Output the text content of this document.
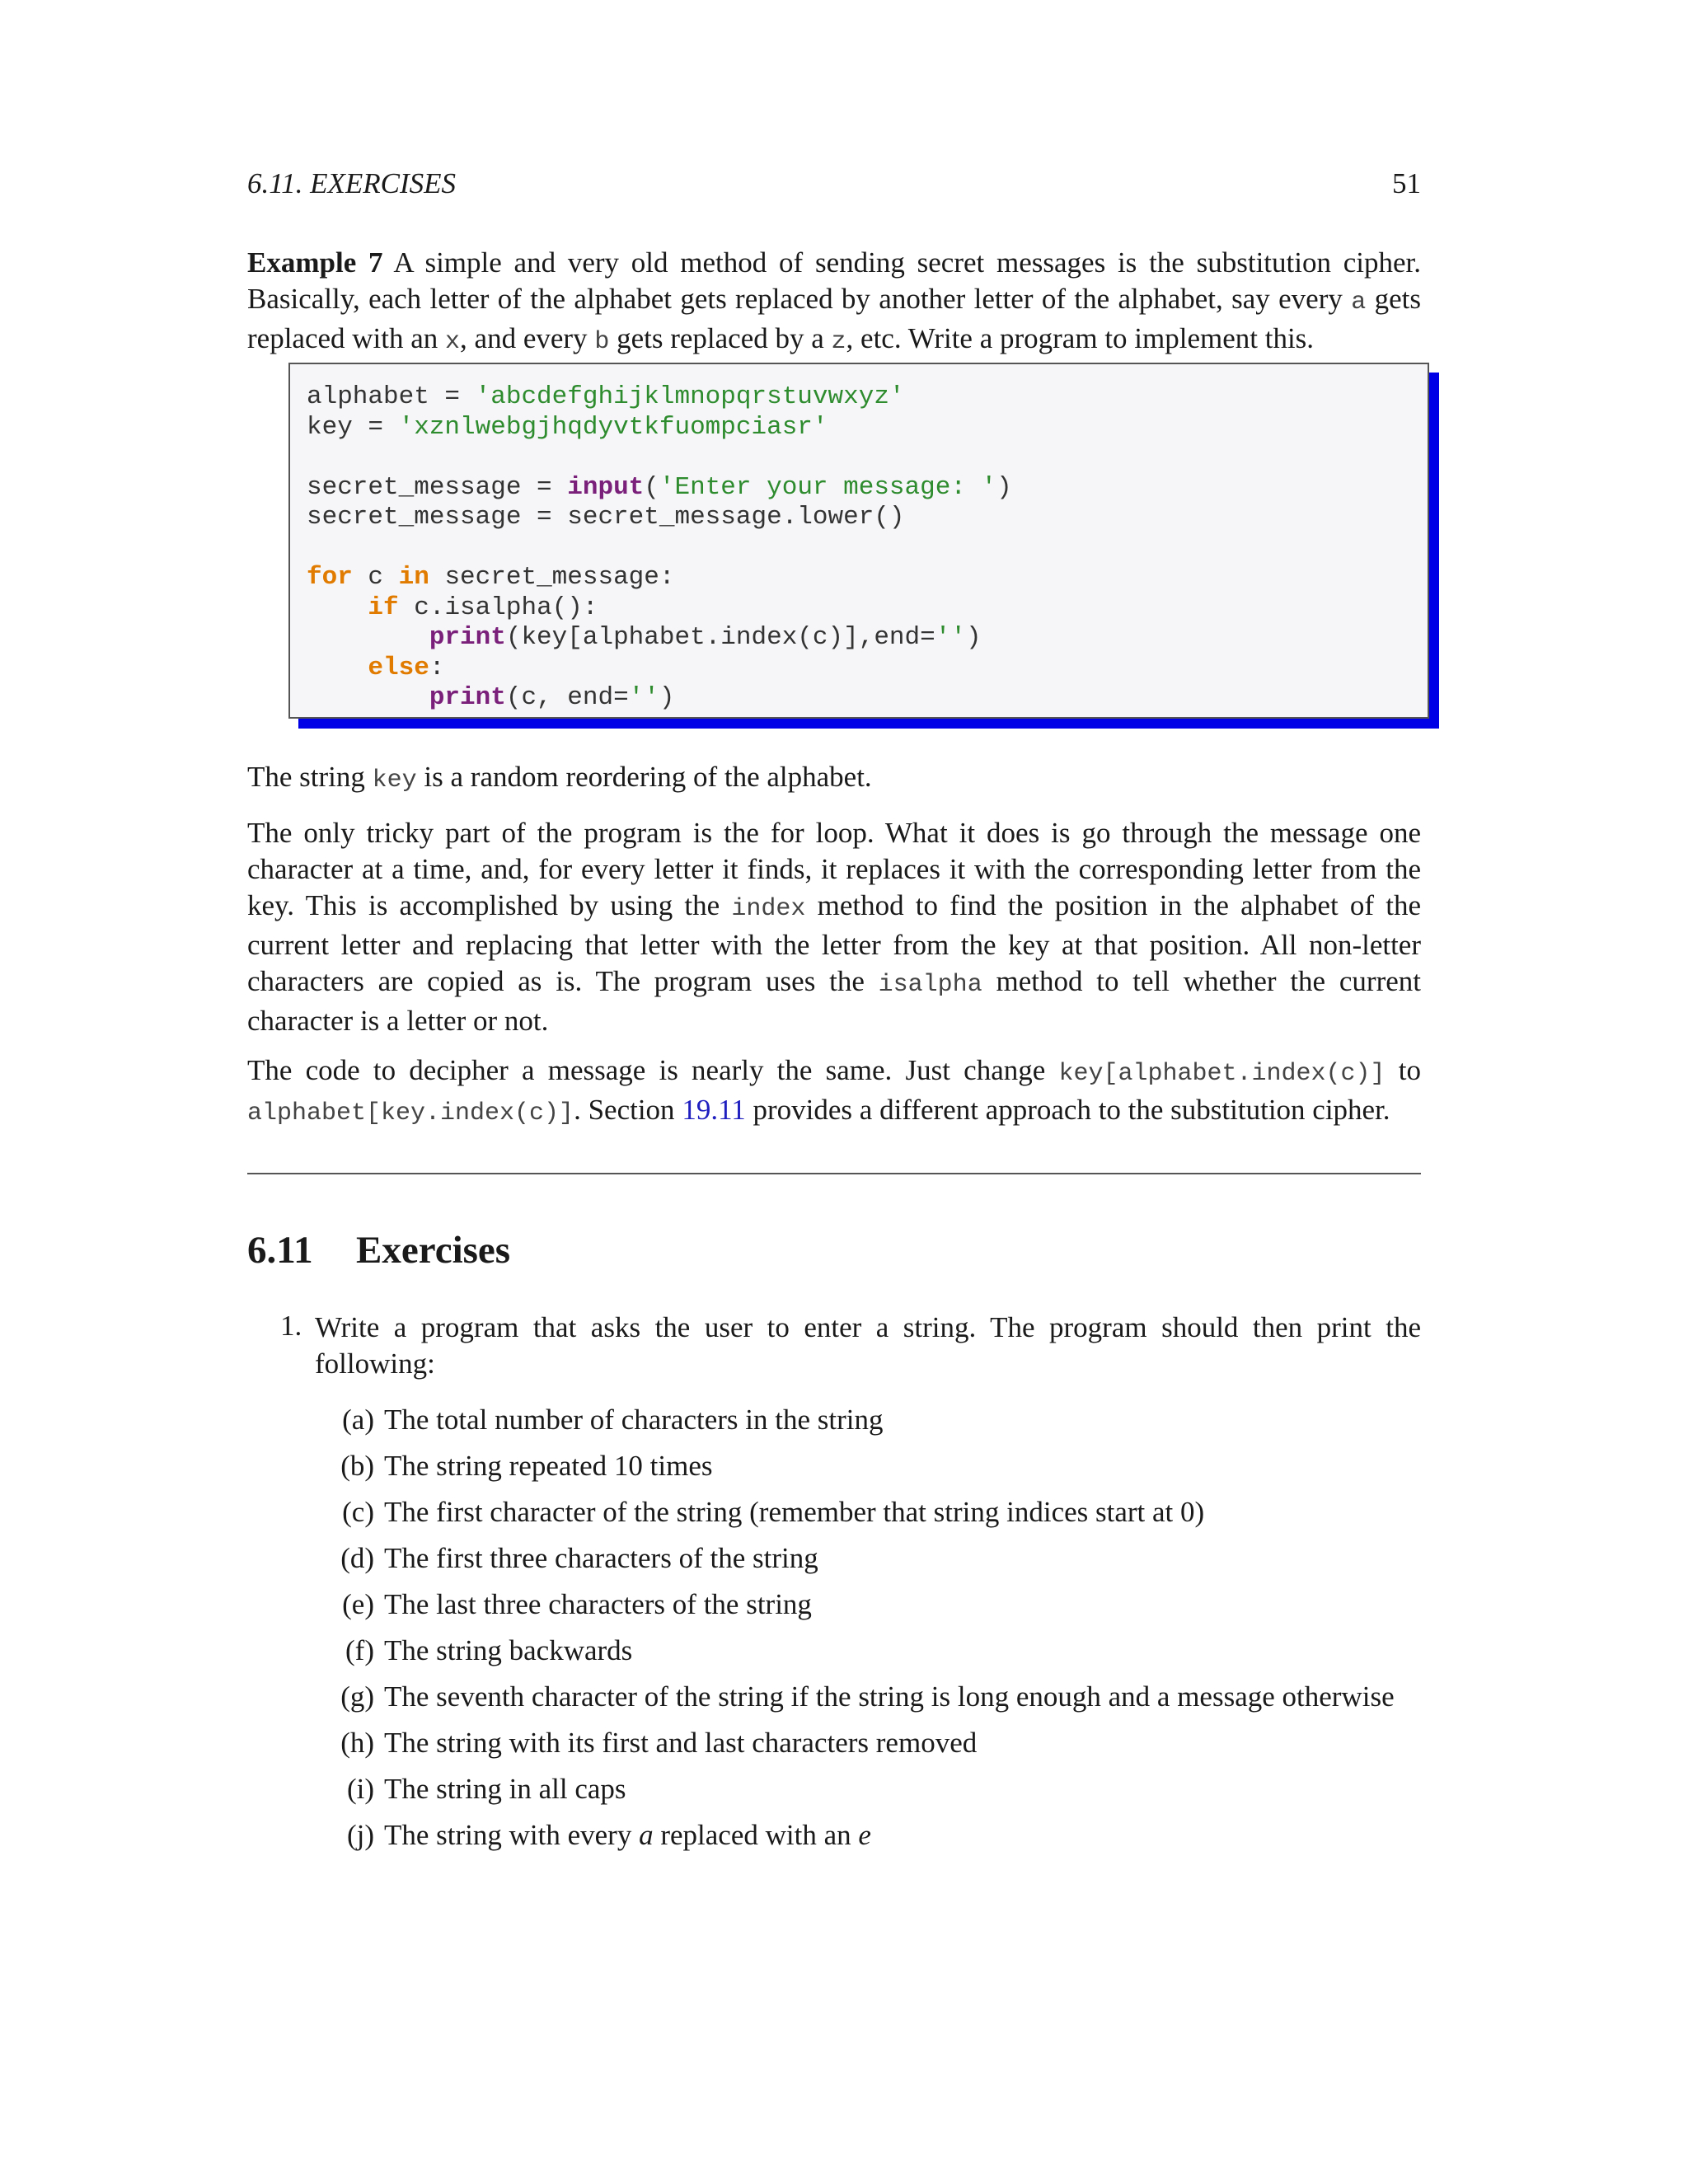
6.11. EXERCISES	51

Example 7 A simple and very old method of sending secret messages is the substitution cipher. Basically, each letter of the alphabet gets replaced by another letter of the alphabet, say every a gets replaced with an x, and every b gets replaced by a z, etc. Write a program to implement this.

alphabet = 'abcdefghijklmnopqrstuvwxyz'
key = 'xznlwebgjhqdyvtkfuompciasr'

secret_message = input('Enter your message: ')
secret_message = secret_message.lower()

for c in secret_message:
if c.isalpha():
print(key[alphabet.index(c)],end='')
else:
print(c, end='')

The string key is a random reordering of the alphabet.

The only tricky part of the program is the for loop. What it does is go through the message one character at a time, and, for every letter it finds, it replaces it with the corresponding letter from the key. This is accomplished by using the index method to find the position in the alphabet of the current letter and replacing that letter with the letter from the key at that position. All non-letter characters are copied as is. The program uses the isalpha method to tell whether the current character is a letter or not.

The code to decipher a message is nearly the same. Just change key[alphabet.index(c)] to alphabet[key.index(c)]. Section 19.11 provides a different approach to the substitution cipher.

6.11 Exercises
1. Write a program that asks the user to enter a string. The program should then print the following:

(a) The total number of characters in the string
(b) The string repeated 10 times
(c) The first character of the string (remember that string indices start at 0)
(d) The first three characters of the string
(e) The last three characters of the string
(f) The string backwards
(g) The seventh character of the string if the string is long enough and a message otherwise
(h) The string with its first and last characters removed
(i) The string in all caps
(j) The string with every a replaced with an e
